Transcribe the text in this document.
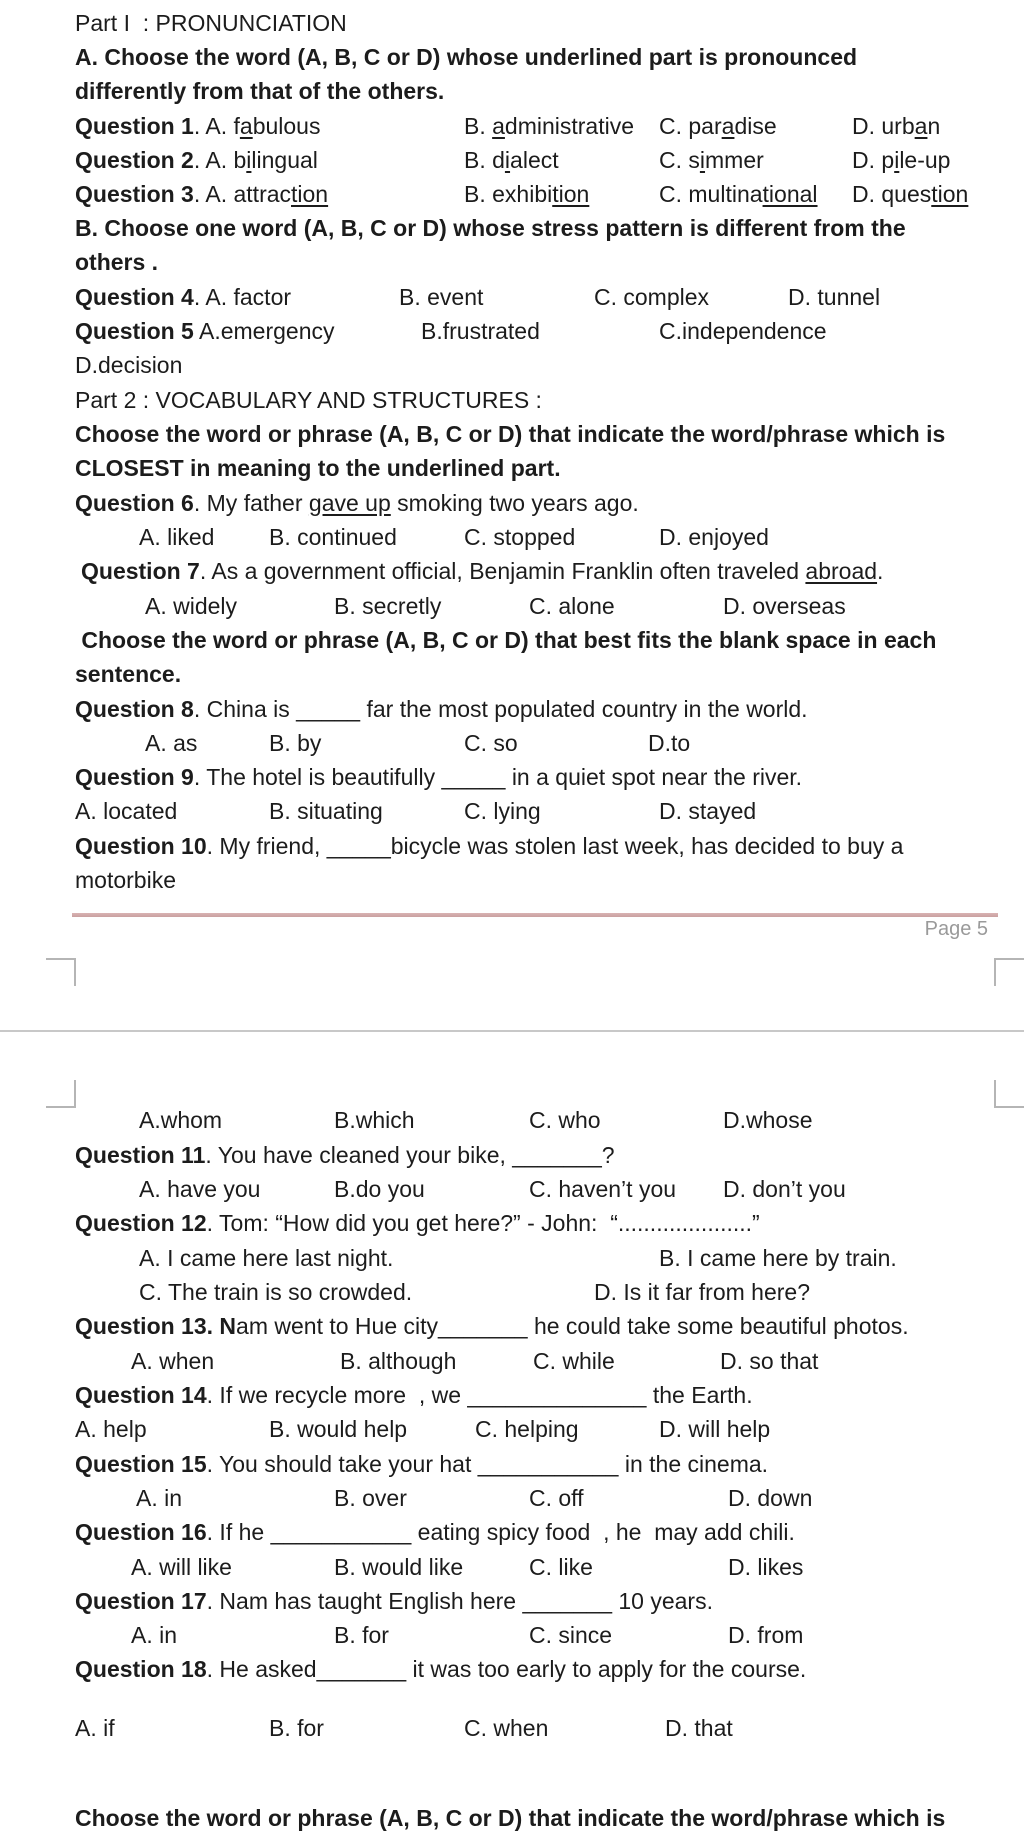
Part I  : PRONUNCIATION
A. Choose the word (A, B, C or D) whose underlined part is pronounced
differently from that of the others.
Question 1. A. fabulous	B. administrative C. paradise	D. urban
Question 2. A. bilingual	B. dialect	C. simmer	D. pile-up
Question 3. A. attraction	B. exhibition	C. multinational D. question
B. Choose one word (A, B, C or D) whose stress pattern is different from the
others .
Question 4. A. factor	B. event	C. complex	D. tunnel
Question 5 A.emergency	B.frustrated	C.independence
D.decision
Part 2 : VOCABULARY AND STRUCTURES :
Choose the word or phrase (A, B, C or D) that indicate the word/phrase which is
CLOSEST in meaning to the underlined part.
Question 6. My father gave up smoking two years ago.
A. liked B. continued	C. stopped	D. enjoyed
Question 7. As a government official, Benjamin Franklin often traveled abroad.
A. widely	B. secretly	C. alone	D. overseas
Choose the word or phrase (A, B, C or D) that best fits the blank space in each
sentence.
Question 8. China is _____ far the most populated country in the world.
A. as	B. by	C. so	D.to
Question 9. The hotel is beautifully _____ in a quiet spot near the river.
A. located	B. situating	C. lying	D. stayed
Question 10. My friend, _____bicycle was stolen last week, has decided to buy a
motorbike
Page 5
A.whom	B.which	C. who	D.whose
Question 11. You have cleaned your bike, _______?
A. have you	B.do you	C. haven’t you D. don’t you
Question 12. Tom: “How did you get here?” - John:  “.....................”
A. I came here last night.	B. I came here by train.
C. The train is so crowded.	D. Is it far from here?
Question 13. Nam went to Hue city_______ he could take some beautiful photos.
A. when	B. although	C. while	D. so that
Question 14. If we recycle more  , we ______________ the Earth.
A. help	B. would help	C. helping	D. will help
Question 15. You should take your hat ___________ in the cinema.
A. in	B. over	C. off	D. down
Question 16. If he ___________ eating spicy food  , he  may add chili.
A. will like	B. would like	C. like	D. likes
Question 17. Nam has taught English here _______ 10 years.
A. in	B. for	C. since	D. from
Question 18. He asked_______ it was too early to apply for the course.
A. if	B. for	C. when	D. that
Choose the word or phrase (A, B, C or D) that indicate the word/phrase which is
